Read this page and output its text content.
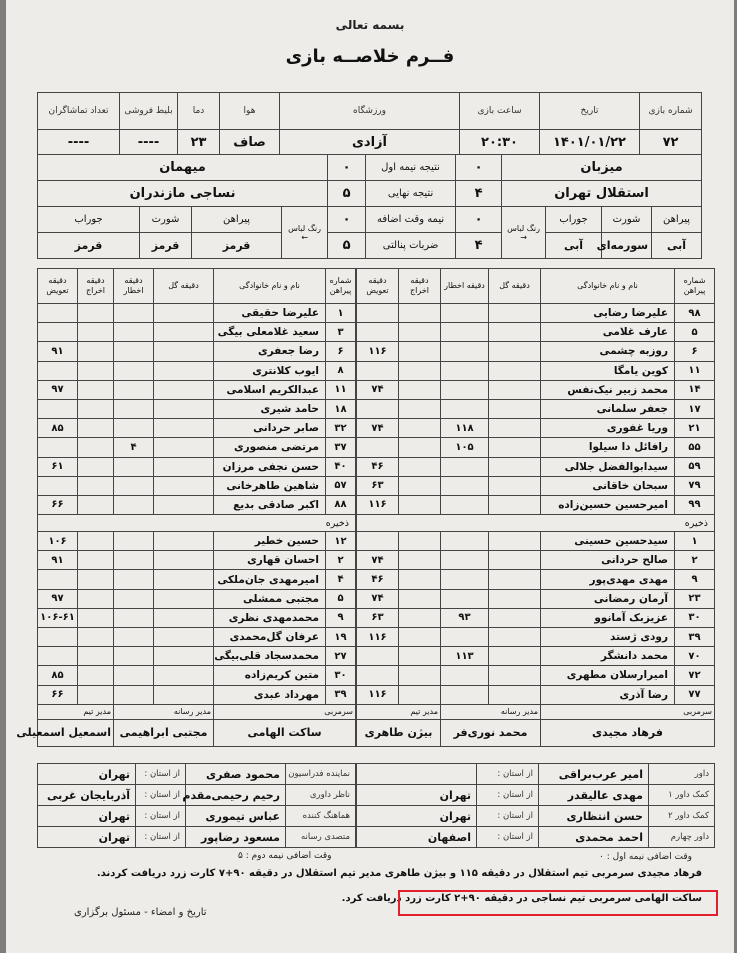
بسمه تعالی
فــرم خلاصــه بازی
شماره بازی	تاریخ	ساعت بازی	ورزشگاه	هوا	دما	بلیط فروشی	تعداد تماشاگران
۷۲	۱۴۰۱/۰۱/۲۲	۲۰:۳۰	آزادی	صاف	۲۳	----	----
میزبان				۰	نتیجه نیمه اول	۰	میهمان			
استقلال تهران				۴	نتیجه نهایی	۵	نساجی مازندران			
پیراهن	شورت	جوراب	رنگ لباس →	۰	نیمه وقت اضافه	۰	رنگ لباس ←	پیراهن	شورت	جوراب
آبی	سورمه‌ای	آبی		۴	ضربات پنالتی	۵		قرمز	قرمز	قرمز
شماره پیراهن	نام و نام خانوادگی	دقیقه گل	دقیقه اخطار	دقیقه اخراج	دقیقه تعویض
۹۸	علیرضا رضایی				
۵	عارف غلامی				
۶	روزبه چشمی				۱۱۶
۱۱	کوین یامگا				
۱۴	محمد زبیر نیک‌نفس				۷۴
۱۷	جعفر سلمانی				
۲۱	وریا غفوری		۱۱۸		۷۴
۵۵	رافائل دا سیلوا		۱۰۵		
۵۹	سیدابوالفضل جلالی				۴۶
۷۹	سبحان خاقانی				۶۳
۹۹	امیرحسین حسین‌زاده				۱۱۶
ذخیره					
۱	سیدحسین حسینی				
۲	صالح حردانی				۷۴
۹	مهدی مهدی‌پور				۴۶
۲۳	آرمان رمضانی				۷۴
۳۰	عزیزبک آمانوو		۹۳		۶۳
۳۹	رودی ژستد				۱۱۶
۷۰	محمد دانشگر		۱۱۳		
۷۲	امیرارسلان مطهری				
۷۷	رضا آذری				۱۱۶
سرمربی		مدیر رسانه		مدیر تیم	
فرهاد مجیدی		محمد نوری‌فر		بیژن طاهری	
شماره پیراهن	نام و نام خانوادگی	دقیقه گل	دقیقه اخطار	دقیقه اخراج	دقیقه تعویض
۱	علیرضا حقیقی				
۳	سعید غلامعلی بیگی				
۶	رضا جعفری				۹۱
۸	ایوب کلانتری				
۱۱	عبدالکریم اسلامی				۹۷
۱۸	حامد شیری				
۳۲	صابر حردانی				۸۵
۳۷	مرتضی منصوری		۴		
۴۰	حسن نجفی مرزان				۶۱
۵۷	شاهین طاهرخانی				
۸۸	اکبر صادقی بدیع				۶۶
ذخیره					
۱۲	حسین خطیر				۱۰۶
۲	احسان قهاری				۹۱
۴	امیرمهدی جان‌ملکی				
۵	مجتبی ممشلی				۹۷
۹	محمدمهدی نظری				۱۰۶-۶۱
۱۹	عرفان گل‌محمدی				
۲۷	محمدسجاد قلی‌بیگی				
۳۰	متین کریم‌زاده				۸۵
۳۹	مهرداد عبدی				۶۶
سرمربی		مدیر رسانه		مدیر تیم	
ساکت الهامی		مجتبی ابراهیمی		اسمعیل اسمعیلی	
داور	امیر عرب‌براقی	از استان :	
کمک داور ۱	مهدی عالیقدر	از استان :	تهران
کمک داور ۲	حسن انتظاری	از استان :	تهران
داور چهارم	احمد محمدی	از استان :	اصفهان
نماینده فدراسیون	محمود صفری	از استان :	تهران
ناظر داوری	رحیم رحیمی‌مقدم	از استان :	آذربایجان غربی
هماهنگ کننده	عباس تیموری	از استان :	تهران
متصدی رسانه	مسعود رضاپور	از استان :	تهران
وقت اضافی نیمه اول : ۰
وقت اضافی نیمه دوم : ۵
فرهاد مجیدی سرمربی تیم استقلال در دقیقه ۱۱۵ و بیژن طاهری مدیر تیم استقلال در دقیقه ۹۰+۷ کارت زرد دریافت کردند.
ساکت الهامی سرمربی تیم نساجی در دقیقه ۹۰+۲ کارت زرد دریافت کرد.
تاریخ و امضاء - مسئول برگزاری
